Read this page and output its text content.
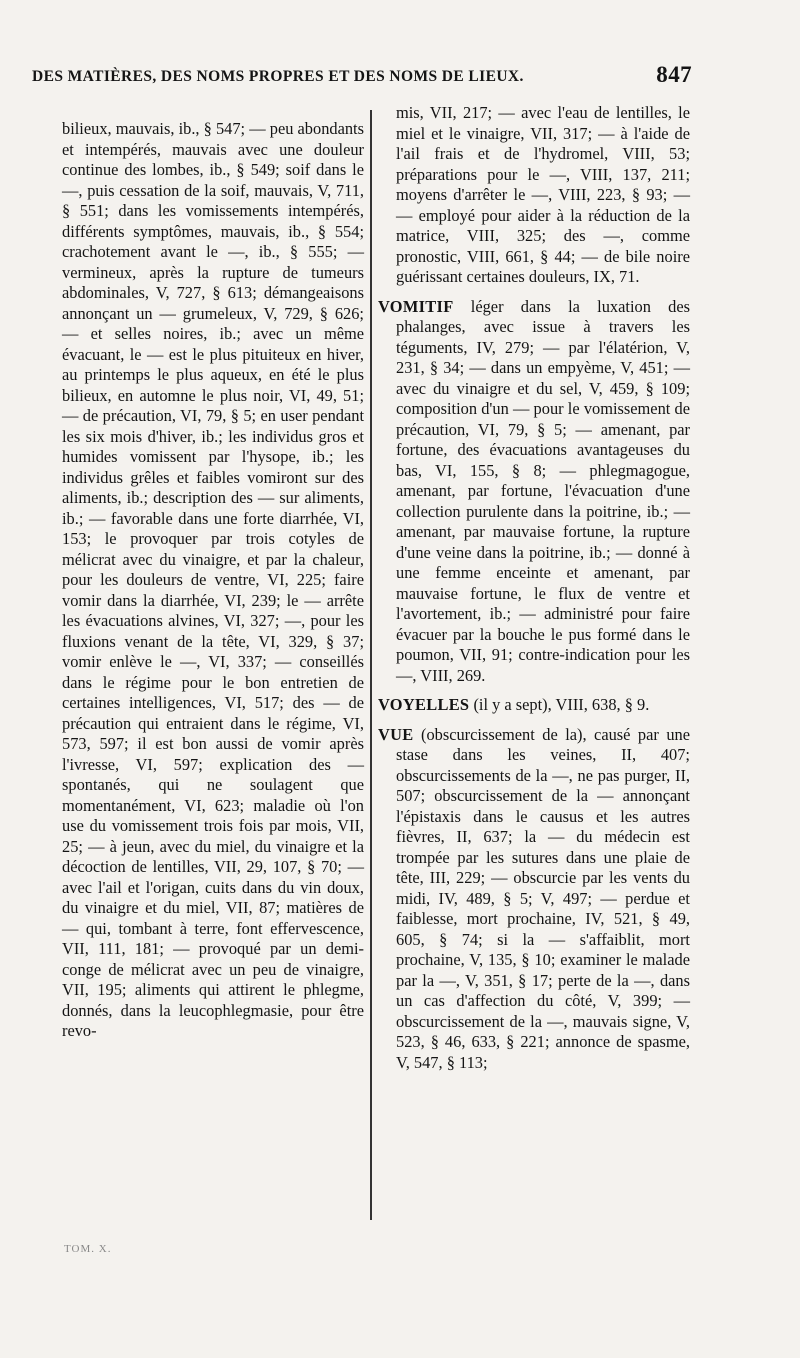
DES MATIÈRES, DES NOMS PROPRES ET DES NOMS DE LIEUX.	847

bilieux, mauvais, ib., § 547; — peu abondants et intempérés, mauvais avec une douleur continue des lombes, ib., § 549; soif dans le —, puis cessation de la soif, mauvais, V, 711, § 551; dans les vomissements intempérés, différents symptômes, mauvais, ib., § 554; crachotement avant le —, ib., § 555; — vermineux, après la rupture de tumeurs abdominales, V, 727, § 613; démangeaisons annonçant un — grumeleux, V, 729, § 626; — et selles noires, ib.; avec un même évacuant, le — est le plus pituiteux en hiver, au printemps le plus aqueux, en été le plus bilieux, en automne le plus noir, VI, 49, 51; — de précaution, VI, 79, § 5; en user pendant les six mois d'hiver, ib.; les individus gros et humides vomissent par l'hysope, ib.; les individus grêles et faibles vomiront sur des aliments, ib.; description des — sur aliments, ib.; — favorable dans une forte diarrhée, VI, 153; le provoquer par trois cotyles de mélicrat avec du vinaigre, et par la chaleur, pour les douleurs de ventre, VI, 225; faire vomir dans la diarrhée, VI, 239; le — arrête les évacuations alvines, VI, 327; —, pour les fluxions venant de la tête, VI, 329, § 37; vomir enlève le —, VI, 337; — conseillés dans le régime pour le bon entretien de certaines intelligences, VI, 517; des — de précaution qui entraient dans le régime, VI, 573, 597; il est bon aussi de vomir après l'ivresse, VI, 597; explication des — spontanés, qui ne soulagent que momentanément, VI, 623; maladie où l'on use du vomissement trois fois par mois, VII, 25; — à jeun, avec du miel, du vinaigre et la décoction de lentilles, VII, 29, 107, § 70; — avec l'ail et l'origan, cuits dans du vin doux, du vinaigre et du miel, VII, 87; matières de — qui, tombant à terre, font effervescence, VII, 111, 181; — provoqué par un demi-conge de mélicrat avec un peu de vinaigre, VII, 195; aliments qui attirent le phlegme, donnés, dans la leucophlegmasie, pour être revo-

mis, VII, 217; — avec l'eau de lentilles, le miel et le vinaigre, VII, 317; — à l'aide de l'ail frais et de l'hydromel, VIII, 53; préparations pour le —, VIII, 137, 211; moyens d'arrêter le —, VIII, 223, § 93; — — employé pour aider à la réduction de la matrice, VIII, 325; des —, comme pronostic, VIII, 661, § 44; — de bile noire guérissant certaines douleurs, IX, 71.

VOMITIF léger dans la luxation des phalanges, avec issue à travers les téguments, IV, 279; — par l'élatérion, V, 231, § 34; — dans un empyème, V, 451; — avec du vinaigre et du sel, V, 459, § 109; composition d'un — pour le vomissement de précaution, VI, 79, § 5; — amenant, par fortune, des évacuations avantageuses du bas, VI, 155, § 8; — phlegmagogue, amenant, par fortune, l'évacuation d'une collection purulente dans la poitrine, ib.; — amenant, par mauvaise fortune, la rupture d'une veine dans la poitrine, ib.; — donné à une femme enceinte et amenant, par mauvaise fortune, le flux de ventre et l'avortement, ib.; — administré pour faire évacuer par la bouche le pus formé dans le poumon, VII, 91; contre-indication pour les —, VIII, 269.

VOYELLES (il y a sept), VIII, 638, § 9.

VUE (obscurcissement de la), causé par une stase dans les veines, II, 407; obscurcissements de la —, ne pas purger, II, 507; obscurcissement de la — annonçant l'épistaxis dans le causus et les autres fièvres, II, 637; la — du médecin est trompée par les sutures dans une plaie de tête, III, 229; — obscurcie par les vents du midi, IV, 489, § 5; V, 497; — perdue et faiblesse, mort prochaine, IV, 521, § 49, 605, § 74; si la — s'affaiblit, mort prochaine, V, 135, § 10; examiner le malade par la —, V, 351, § 17; perte de la —, dans un cas d'affection du côté, V, 399; — obscurcissement de la —, mauvais signe, V, 523, § 46, 633, § 221; annonce de spasme, V, 547, § 113;

TOM. X.
